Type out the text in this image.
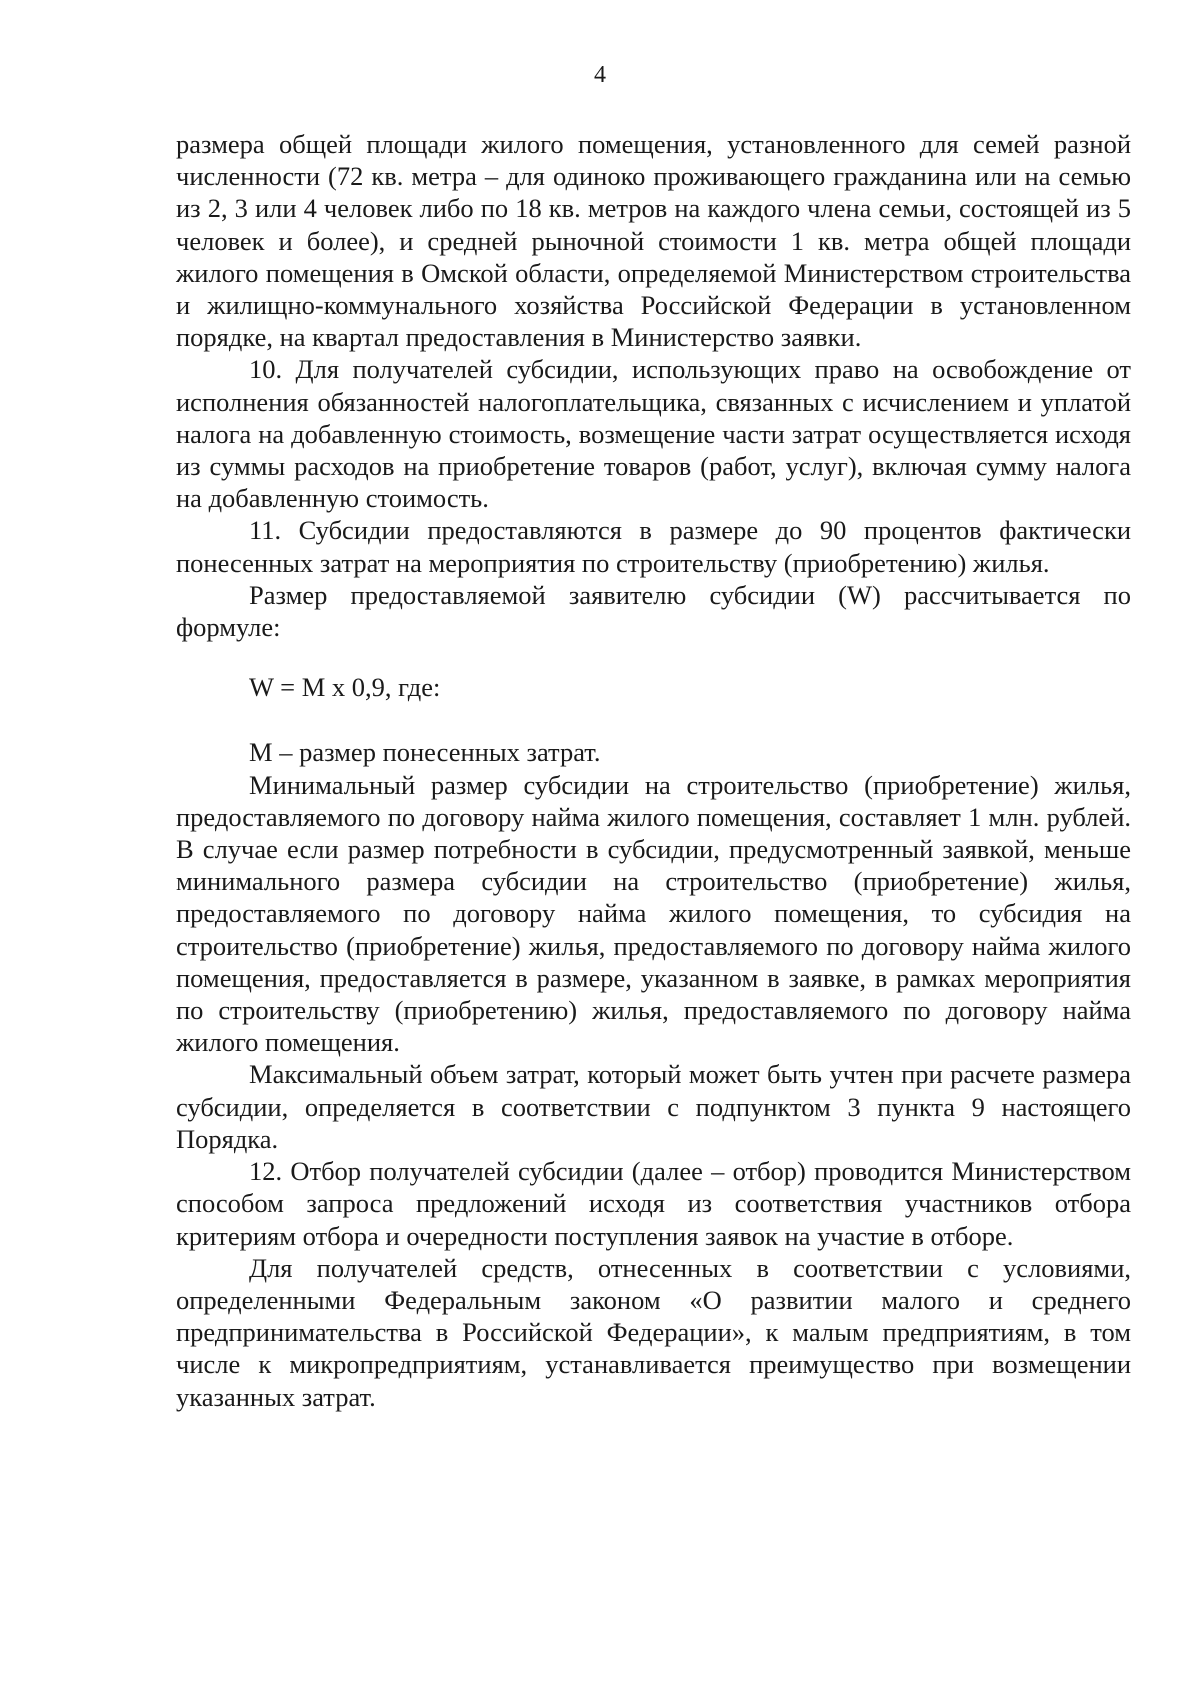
4

размера общей площади жилого помещения, установленного для семей разной численности (72 кв. метра – для одиноко проживающего гражданина или на семью из 2, 3 или 4 человек либо по 18 кв. метров на каждого члена семьи, состоящей из 5 человек и более), и средней рыночной стоимости 1 кв. метра общей площади жилого помещения в Омской области, определяемой Министерством строительства и жилищно-коммунального хозяйства Российской Федерации в установленном порядке, на квартал предоставления в Министерство заявки.

10. Для получателей субсидии, использующих право на освобождение от исполнения обязанностей налогоплательщика, связанных с исчислением и уплатой налога на добавленную стоимость, возмещение части затрат осуществляется исходя из суммы расходов на приобретение товаров (работ, услуг), включая сумму налога на добавленную стоимость.

11. Субсидии предоставляются в размере до 90 процентов фактически понесенных затрат на мероприятия по строительству (приобретению) жилья.

Размер предоставляемой заявителю субсидии (W) рассчитывается по формуле:

W = M x 0,9, где:

M – размер понесенных затрат.

Минимальный размер субсидии на строительство (приобретение) жилья, предоставляемого по договору найма жилого помещения, составляет 1 млн. рублей. В случае если размер потребности в субсидии, предусмотренный заявкой, меньше минимального размера субсидии на строительство (приобретение) жилья, предоставляемого по договору найма жилого помещения, то субсидия на строительство (приобретение) жилья, предоставляемого по договору найма жилого помещения, предоставляется в размере, указанном в заявке, в рамках мероприятия по строительству (приобретению) жилья, предоставляемого по договору найма жилого помещения.

Максимальный объем затрат, который может быть учтен при расчете размера субсидии, определяется в соответствии с подпунктом 3 пункта 9 настоящего Порядка.

12. Отбор получателей субсидии (далее – отбор) проводится Министерством способом запроса предложений исходя из соответствия участников отбора критериям отбора и очередности поступления заявок на участие в отборе.

Для получателей средств, отнесенных в соответствии с условиями, определенными Федеральным законом «О развитии малого и среднего предпринимательства в Российской Федерации», к малым предприятиям, в том числе к микропредприятиям, устанавливается преимущество при возмещении указанных затрат.
